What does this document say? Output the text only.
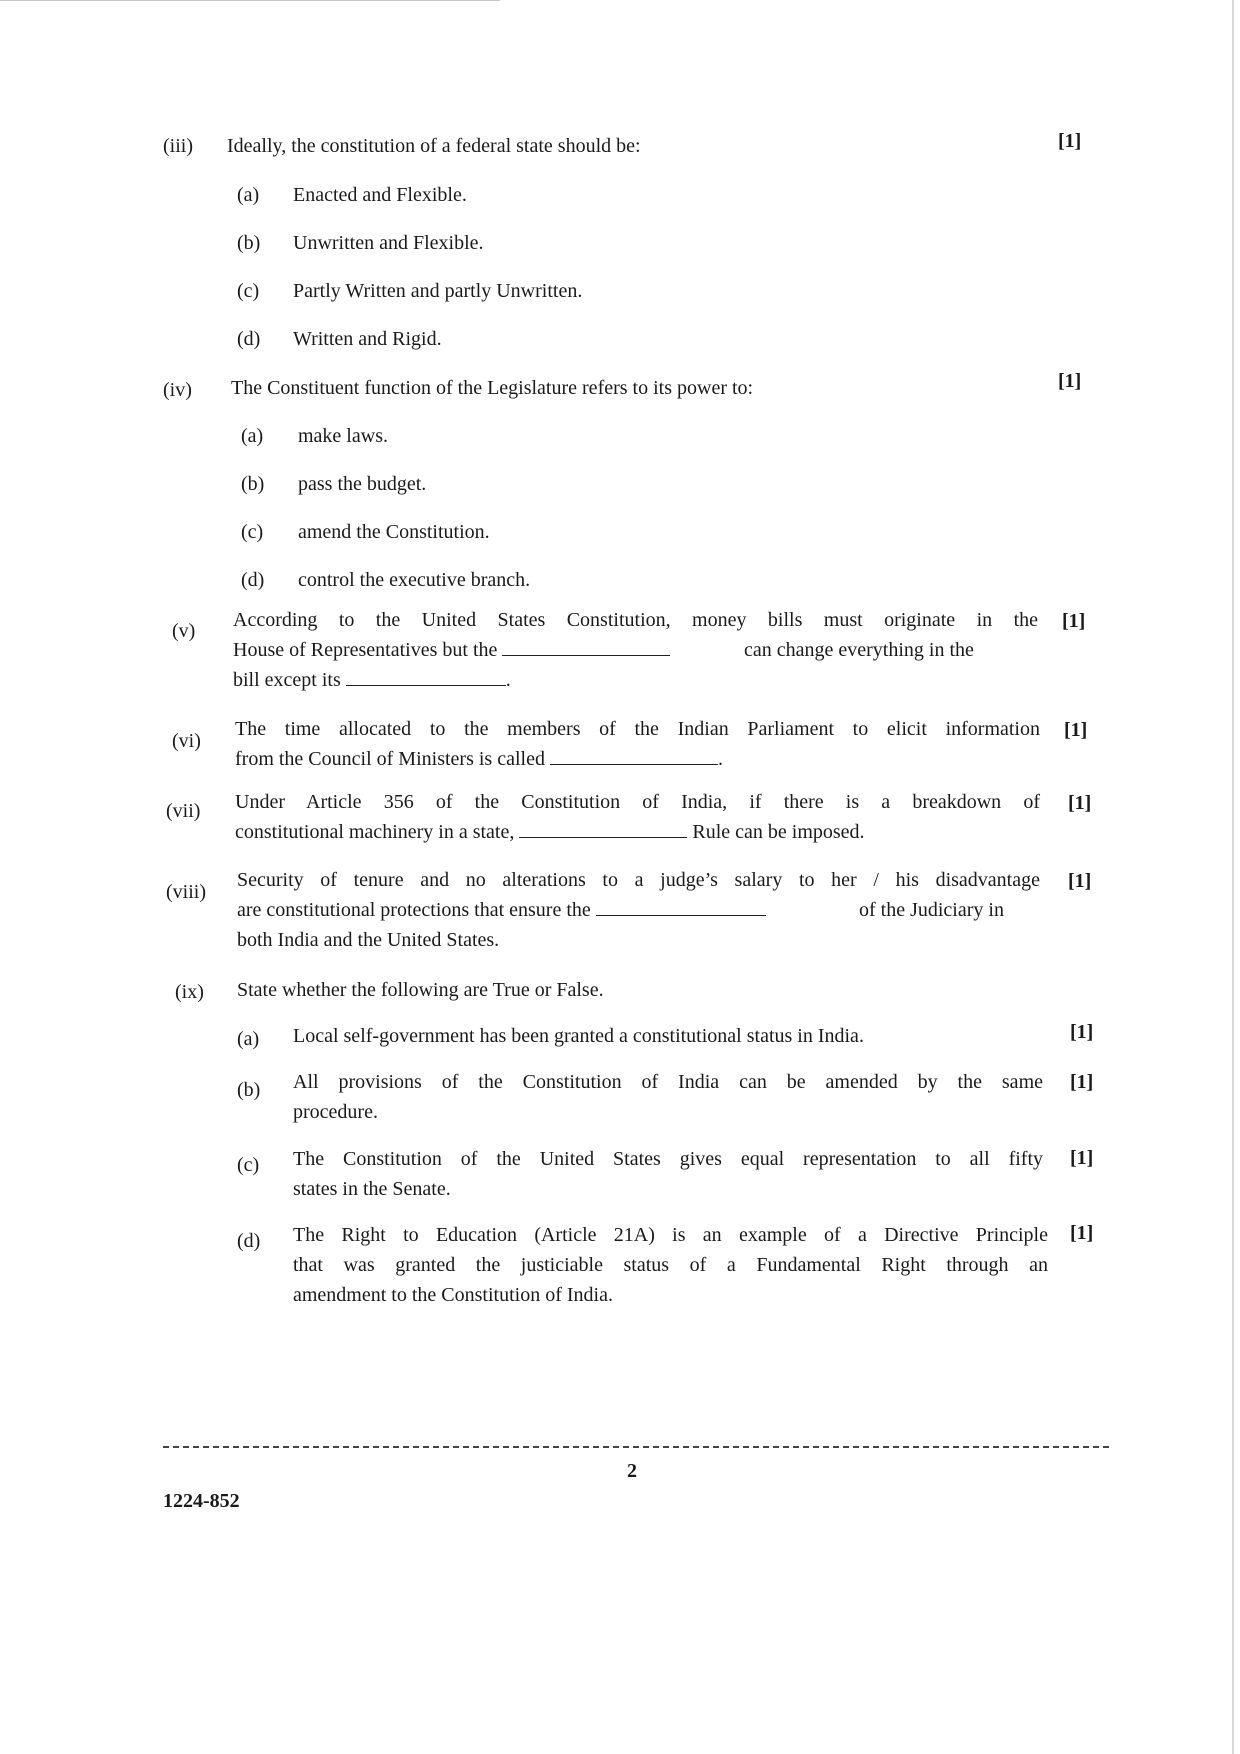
(iii) Ideally, the constitution of a federal state should be:	[1]
(a) Enacted and Flexible.
(b) Unwritten and Flexible.
(c) Partly Written and partly Unwritten.
(d) Written and Rigid.
(iv) The Constituent function of the Legislature refers to its power to:	[1]
(a) make laws.
(b) pass the budget.
(c) amend the Constitution.
(d) control the executive branch.
(v)	[1]
According to the United States Constitution, money bills must originate in the
House of Representatives but the	can change everything in the
bill except its	.
(vi)	[1]
The time allocated to the members of the Indian Parliament to elicit information
from the Council of Ministers is called	.
(vii)	[1]
Under Article 356 of the Constitution of India, if there is a breakdown of
constitutional machinery in a state,	Rule can be imposed.
(viii)	[1]
Security of tenure and no alterations to a judge’s salary to her / his disadvantage
are constitutional protections that ensure the	of the Judiciary in
both India and the United States.
(ix) State whether the following are True or False.
(a) Local self-government has been granted a constitutional status in India.	[1]
(b) All provisions of the Constitution of India can be amended by the same
procedure.
[1]
(c) The Constitution of the United States gives equal representation to all fifty
states in the Senate.
[1]
(d) The Right to Education (Article 21A) is an example of a Directive Principle
that was granted the justiciable status of a Fundamental Right through an
amendment to the Constitution of India.
[1]
2
1224-852
